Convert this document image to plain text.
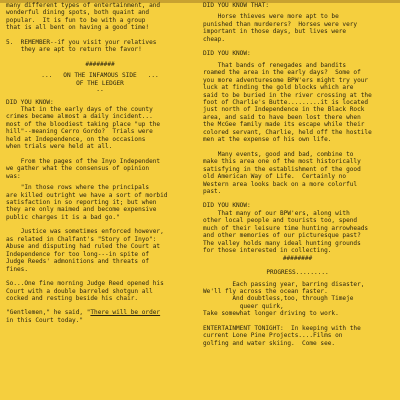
many different types of entertainment, and
wonderful dining spots, both quaint and
popular.  It is fun to be with a group
that is all bent on having a good time!

5.  REMEMBER--if you visit your relatives
they are apt to return the favor!

########

...   ON THE INFAMOUS SIDE   ...

OF THE LEDGER

--

DID YOU KNOW:

That in the early days of the county
crimes became almost a daily incident...
most of the bloodiest taking place "up the
hill"--meaning Cerro Gordo?  Trials were
held at Independence, on the occasions
when trials were held at all.

From the pages of the Inyo Independent
we gather what the consensus of opinion
was:

"In those rows where the principals
are killed outright we have a sort of morbid
satisfaction in so reporting it; but when
they are only maimed and become expensive
public charges it is a bad go."

Justice was sometimes enforced however,
as related in Chalfant's "Story of Inyo":
Abuse and disputing had ruled the Court at
Independence for too long---in spite of
Judge Reeds' admonitions and threats of
fines.

So...One fine morning Judge Reed opened his
Court with a double barreled shotgun all
cocked and resting beside his chair.

"Gentlemen," he said, "There will be order
in this Court today."

DID YOU KNOW THAT:

Horse thieves were more apt to be
punished than murderers?  Horses were very
important in those days, but lives were
cheap.

DID YOU KNOW:

That bands of renegades and bandits
roamed the area in the early days?  Some of
you more adventuresome BPW'ers might try your
luck at finding the gold blocks which are
said to be buried in the river crossing at the
foot of Charlie's Butte.........it is located
just north of Independence in the Black Rock
area, and said to have been lost there when
the McGee family made its escape while their
colored servant, Charlie, held off the hostile
men at the expense of his own life.

Many events, good and bad, combine to
make this area one of the most historically
satisfying in the establishment of the good
old American Way of Life.  Certainly no
Western area looks back on a more colorful
past.

DID YOU KNOW:

That many of our BPW'ers, along with
other local people and tourists too, spend
much of their leisure time hunting arrowheads
and other memories of our picturesque past?
The valley holds many ideal hunting grounds
for those interested in collecting.

########

PROGRESS.........

Each passing year, barring disaster,
We'll fly across the ocean faster.
And doubtless,too, through Timeje
queer quirk,
Take somewhat longer driving to work.

ENTERTAINMENT TONIGHT:  In keeping with the
current Lone Pine Projects....Films on
golfing and water skiing.  Come see.
